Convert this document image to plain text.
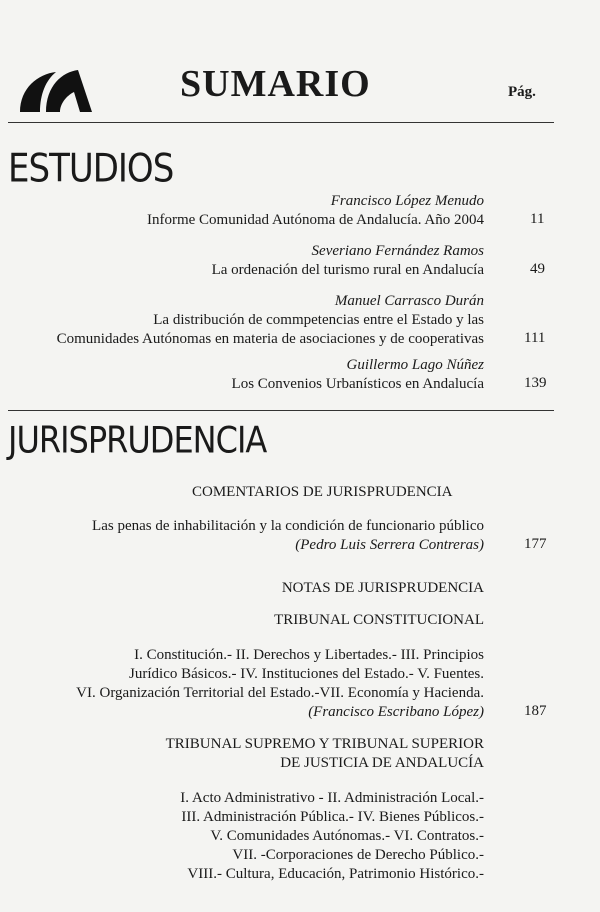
SUMARIO	Pág.
ESTUDIOS
Francisco López Menudo
Informe Comunidad Autónoma de Andalucía. Año 2004	11
Severiano Fernández Ramos
La ordenación del turismo rural en Andalucía	49
Manuel Carrasco Durán
La distribución de commpetencias entre el Estado y las
Comunidades Autónomas en materia de asociaciones y de cooperativas	111
Guillermo Lago Núñez
Los Convenios Urbanísticos en Andalucía	139
JURISPRUDENCIA
COMENTARIOS DE JURISPRUDENCIA
Las penas de inhabilitación y la condición de funcionario público
(Pedro Luis Serrera Contreras)	177
NOTAS DE JURISPRUDENCIA
TRIBUNAL CONSTITUCIONAL
I. Constitución.- II. Derechos y Libertades.- III. Principios
Jurídico Básicos.- IV. Instituciones del Estado.- V. Fuentes.
VI. Organización Territorial del Estado.-VII. Economía y Hacienda.
(Francisco Escribano López)	187
TRIBUNAL SUPREMO Y TRIBUNAL SUPERIOR
DE JUSTICIA DE ANDALUCÍA
I. Acto Administrativo - II. Administración Local.-
III. Administración Pública.- IV. Bienes Públicos.-
V. Comunidades Autónomas.- VI. Contratos.-
VII. -Corporaciones de Derecho Público.-
VIII.- Cultura, Educación, Patrimonio Histórico.-
